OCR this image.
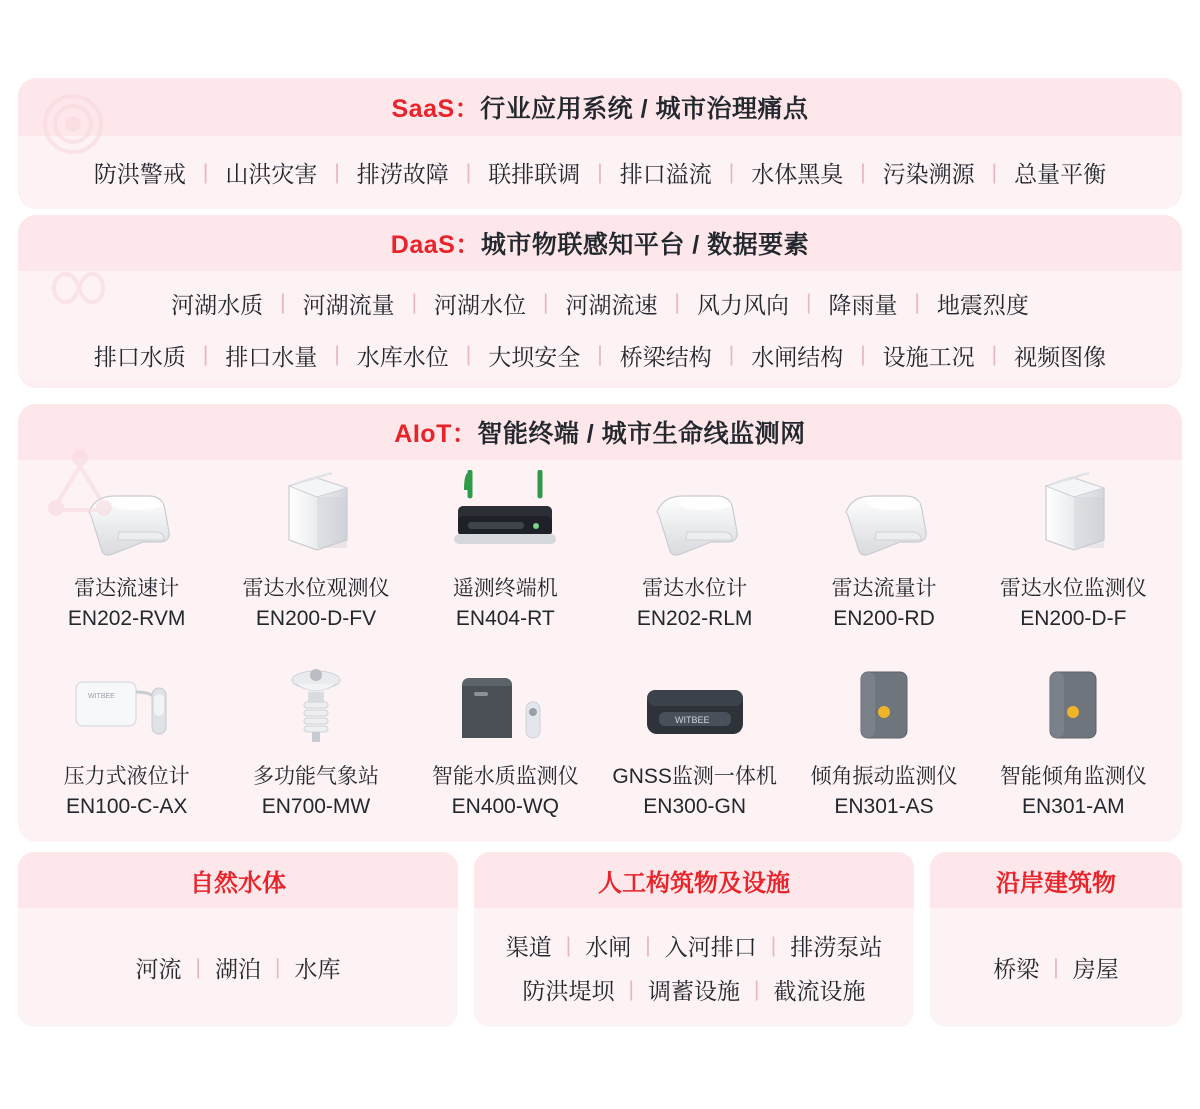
SaaS：行业应用系统 / 城市治理痛点
防洪警戒 | 山洪灾害 | 排涝故障 | 联排联调 | 排口溢流 | 水体黑臭 | 污染溯源 | 总量平衡
DaaS：城市物联感知平台 / 数据要素
河湖水质 | 河湖流量 | 河湖水位 | 河湖流速 | 风力风向 | 降雨量 | 地震烈度
排口水质 | 排口水量 | 水库水位 | 大坝安全 | 桥梁结构 | 水闸结构 | 设施工况 | 视频图像
AIoT：智能终端 / 城市生命线监测网
雷达流速计
EN202-RVM
雷达水位观测仪
EN200-D-FV
遥测终端机
EN404-RT
雷达水位计
EN202-RLM
雷达流量计
EN200-RD
雷达水位监测仪
EN200-D-F
WITBEE
压力式液位计
EN100-C-AX
多功能气象站
EN700-MW
智能水质监测仪
EN400-WQ
WITBEE
GNSS监测一体机
EN300-GN
倾角振动监测仪
EN301-AS
智能倾角监测仪
EN301-AM
自然水体
河流 | 湖泊 | 水库
人工构筑物及设施
渠道 | 水闸 | 入河排口 | 排涝泵站
防洪堤坝 | 调蓄设施 | 截流设施
沿岸建筑物
桥梁 | 房屋
